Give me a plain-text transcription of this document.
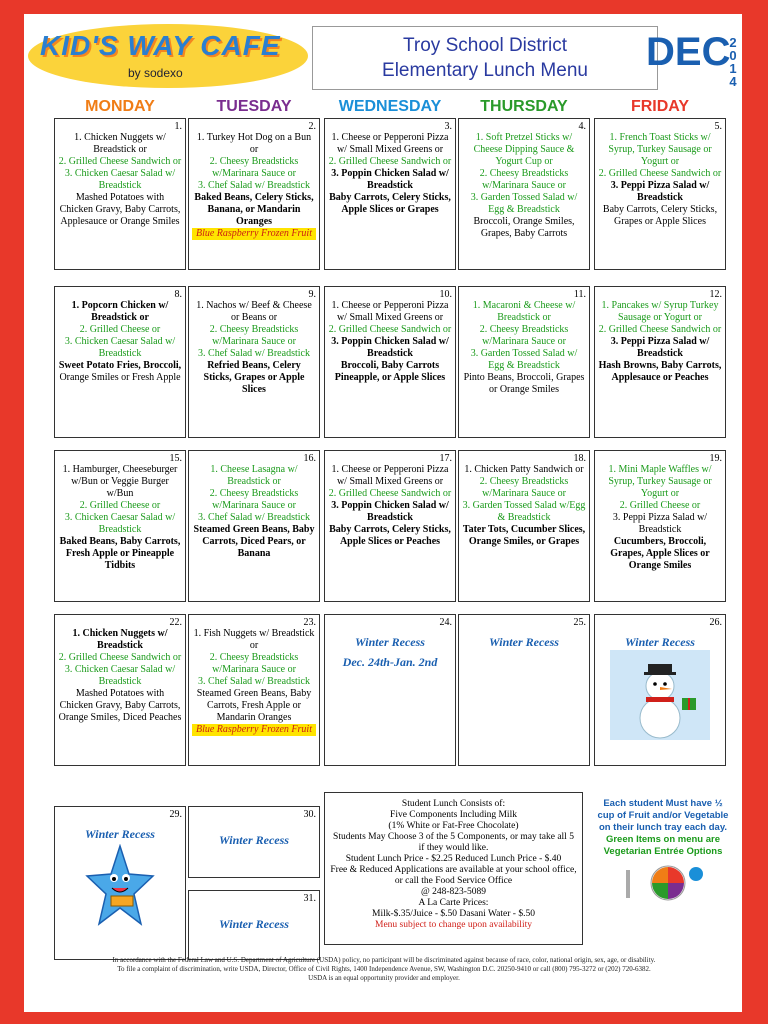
KID'S WAY CAFE
by sodexo
Troy School District
Elementary Lunch Menu	DEC
2
0
1
4
MONDAY	TUESDAY	WEDNESDAY	THURSDAY	FRIDAY
1.
1. Chicken Nuggets w/ Breadstick or
2. Grilled Cheese Sandwich or
3. Chicken Caesar Salad w/ Breadstick
Mashed Potatoes with Chicken Gravy, Baby Carrots, Applesauce or Orange Smiles
2.
1. Turkey Hot Dog on a Bun or
2. Cheesy Breadsticks w/Marinara Sauce or
3. Chef Salad w/ Breadstick
Baked Beans, Celery Sticks, Banana, or Mandarin Oranges
Blue Raspberry Frozen Fruit
3.
1. Cheese or Pepperoni Pizza w/ Small Mixed Greens or
2. Grilled Cheese Sandwich or
3. Poppin Chicken Salad w/ Breadstick
Baby Carrots, Celery Sticks, Apple Slices or Grapes
4.
1. Soft Pretzel Sticks w/ Cheese Dipping Sauce & Yogurt Cup or
2. Cheesy Breadsticks w/Marinara Sauce or
3. Garden Tossed Salad w/ Egg & Breadstick
Broccoli, Orange Smiles, Grapes, Baby Carrots
5.
1. French Toast Sticks w/ Syrup, Turkey Sausage or Yogurt or
2. Grilled Cheese Sandwich or
3. Peppi Pizza Salad w/ Breadstick
Baby Carrots, Celery Sticks, Grapes or Apple Slices
8.
1. Popcorn Chicken w/ Breadstick or
2. Grilled Cheese or
3. Chicken Caesar Salad w/ Breadstick
Sweet Potato Fries, Broccoli,
Orange Smiles or Fresh Apple
9.
1. Nachos w/ Beef & Cheese or Beans or
2. Cheesy Breadsticks w/Marinara Sauce or
3. Chef Salad w/ Breadstick
Refried Beans, Celery Sticks, Grapes or Apple Slices
10.
1. Cheese or Pepperoni Pizza w/ Small Mixed Greens or
2. Grilled Cheese Sandwich or
3. Poppin Chicken Salad w/ Breadstick
Broccoli, Baby Carrots Pineapple, or Apple Slices
11.
1. Macaroni & Cheese w/ Breadstick or
2. Cheesy Breadsticks w/Marinara Sauce or
3. Garden Tossed Salad w/ Egg & Breadstick
Pinto Beans, Broccoli, Grapes or Orange Smiles
12.
1. Pancakes w/ Syrup Turkey Sausage or Yogurt or
2. Grilled Cheese Sandwich or
3. Peppi Pizza Salad w/ Breadstick
Hash Browns, Baby Carrots, Applesauce or Peaches
15.
1. Hamburger, Cheeseburger w/Bun or Veggie Burger w/Bun
2. Grilled Cheese or
3. Chicken Caesar Salad w/ Breadstick
Baked Beans, Baby Carrots, Fresh Apple or Pineapple Tidbits
16.
1. Cheese Lasagna w/ Breadstick or
2. Cheesy Breadsticks w/Marinara Sauce or
3. Chef Salad w/ Breadstick
Steamed Green Beans, Baby Carrots, Diced Pears, or Banana
17.
1. Cheese or Pepperoni Pizza w/ Small Mixed Greens or
2. Grilled Cheese Sandwich or
3. Poppin Chicken Salad w/ Breadstick
Baby Carrots, Celery Sticks, Apple Slices or Peaches
18.
1. Chicken Patty Sandwich or
2. Cheesy Breadsticks w/Marinara Sauce or
3. Garden Tossed Salad w/Egg & Breadstick
Tater Tots, Cucumber Slices, Orange Smiles, or Grapes
19.
1. Mini Maple Waffles w/ Syrup, Turkey Sausage or Yogurt or
2. Grilled Cheese or
3. Peppi Pizza Salad w/ Breadstick
Cucumbers, Broccoli, Grapes, Apple Slices or Orange Smiles
22.
1. Chicken Nuggets w/ Breadstick
2. Grilled Cheese Sandwich or
3. Chicken Caesar Salad w/ Breadstick
Mashed Potatoes with Chicken Gravy, Baby Carrots, Orange Smiles, Diced Peaches
23.
1. Fish Nuggets w/ Breadstick or
2. Cheesy Breadsticks w/Marinara Sauce or
3. Chef Salad w/ Breadstick
Steamed Green Beans, Baby Carrots, Fresh Apple or Mandarin Oranges
Blue Raspberry Frozen Fruit
24.
Winter Recess
Dec. 24th-Jan. 2nd
25.
Winter Recess
26.
Winter Recess
29.
Winter Recess
30.
Winter Recess
31.
Winter Recess
Student Lunch Consists of:
Five Components Including Milk
(1% White or Fat-Free Chocolate)
Students May Choose 3 of the 5 Components, or may take all 5 if they would like.
Student Lunch Price - $2.25 Reduced Lunch Price - $.40
Free & Reduced Applications are available at your school office, or call the Food Service Office
@ 248-823-5089
A La Carte Prices:
Milk-$.35/Juice - $.50 Dasani Water - $.50
Menu subject to change upon availability
Each student Must have ½ cup of Fruit and/or Vegetable on their lunch tray each day.
Green Items on menu are Vegetarian Entrée Options
In accordance with the Federal Law and U.S. Department of Agriculture (USDA) policy, no participant will be discriminated against because of race, color, national origin, sex, age, or disability.
To file a complaint of discrimination, write USDA, Director, Office of Civil Rights, 1400 Independence Avenue, SW, Washington D.C. 20250-9410 or call (800) 795-3272 or (202) 720-6382.
USDA is an equal opportunity provider and employer.
